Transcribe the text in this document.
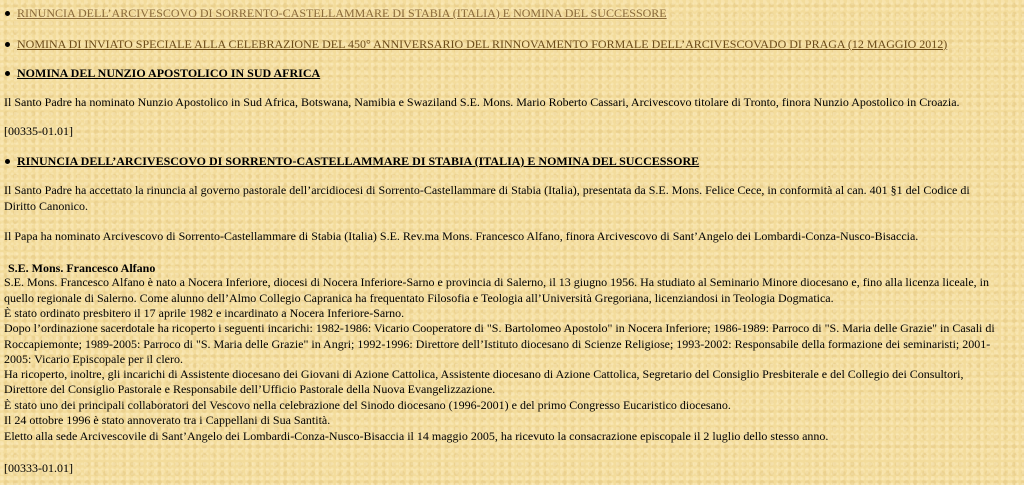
RINUNCIA DELL’ARCIVESCOVO DI SORRENTO-CASTELLAMMARE DI STABIA (ITALIA) E NOMINA DEL SUCCESSORE
NOMINA DI INVIATO SPECIALE ALLA CELEBRAZIONE DEL 450° ANNIVERSARIO DEL RINNOVAMENTO FORMALE DELL’ARCIVESCOVADO DI PRAGA (12 MAGGIO 2012)
NOMINA DEL NUNZIO APOSTOLICO IN SUD AFRICA
Il Santo Padre ha nominato Nunzio Apostolico in Sud Africa, Botswana, Namibia e Swaziland S.E. Mons. Mario Roberto Cassari, Arcivescovo titolare di Tronto, finora Nunzio Apostolico in Croazia.
[00335-01.01]
RINUNCIA DELL’ARCIVESCOVO DI SORRENTO-CASTELLAMMARE DI STABIA (ITALIA) E NOMINA DEL SUCCESSORE
Il Santo Padre ha accettato la rinuncia al governo pastorale dell’arcidiocesi di Sorrento-Castellammare di Stabia (Italia), presentata da S.E. Mons. Felice Cece, in conformità al can. 401 §1 del Codice di
Diritto Canonico.
Il Papa ha nominato Arcivescovo di Sorrento-Castellammare di Stabia (Italia) S.E. Rev.ma Mons. Francesco Alfano, finora Arcivescovo di Sant’Angelo dei Lombardi-Conza-Nusco-Bisaccia.
S.E. Mons. Francesco Alfano
S.E. Mons. Francesco Alfano è nato a Nocera Inferiore, diocesi di Nocera Inferiore-Sarno e provincia di Salerno, il 13 giugno 1956. Ha studiato al Seminario Minore diocesano e, fino alla licenza liceale, in
quello regionale di Salerno. Come alunno dell’Almo Collegio Capranica ha frequentato Filosofia e Teologia all’Università Gregoriana, licenziandosi in Teologia Dogmatica.
È stato ordinato presbitero il 17 aprile 1982 e incardinato a Nocera Inferiore-Sarno.
Dopo l’ordinazione sacerdotale ha ricoperto i seguenti incarichi: 1982-1986: Vicario Cooperatore di "S. Bartolomeo Apostolo" in Nocera Inferiore; 1986-1989: Parroco di "S. Maria delle Grazie" in Casali di
Roccapiemonte; 1989-2005: Parroco di "S. Maria delle Grazie" in Angri; 1992-1996: Direttore dell’Istituto diocesano di Scienze Religiose; 1993-2002: Responsabile della formazione dei seminaristi; 2001-
2005: Vicario Episcopale per il clero.
Ha ricoperto, inoltre, gli incarichi di Assistente diocesano dei Giovani di Azione Cattolica, Assistente diocesano di Azione Cattolica, Segretario del Consiglio Presbiterale e del Collegio dei Consultori,
Direttore del Consiglio Pastorale e Responsabile dell’Ufficio Pastorale della Nuova Evangelizzazione.
È stato uno dei principali collaboratori del Vescovo nella celebrazione del Sinodo diocesano (1996-2001) e del primo Congresso Eucaristico diocesano.
Il 24 ottobre 1996 è stato annoverato tra i Cappellani di Sua Santità.
Eletto alla sede Arcivescovile di Sant’Angelo dei Lombardi-Conza-Nusco-Bisaccia il 14 maggio 2005, ha ricevuto la consacrazione episcopale il 2 luglio dello stesso anno.
[00333-01.01]
